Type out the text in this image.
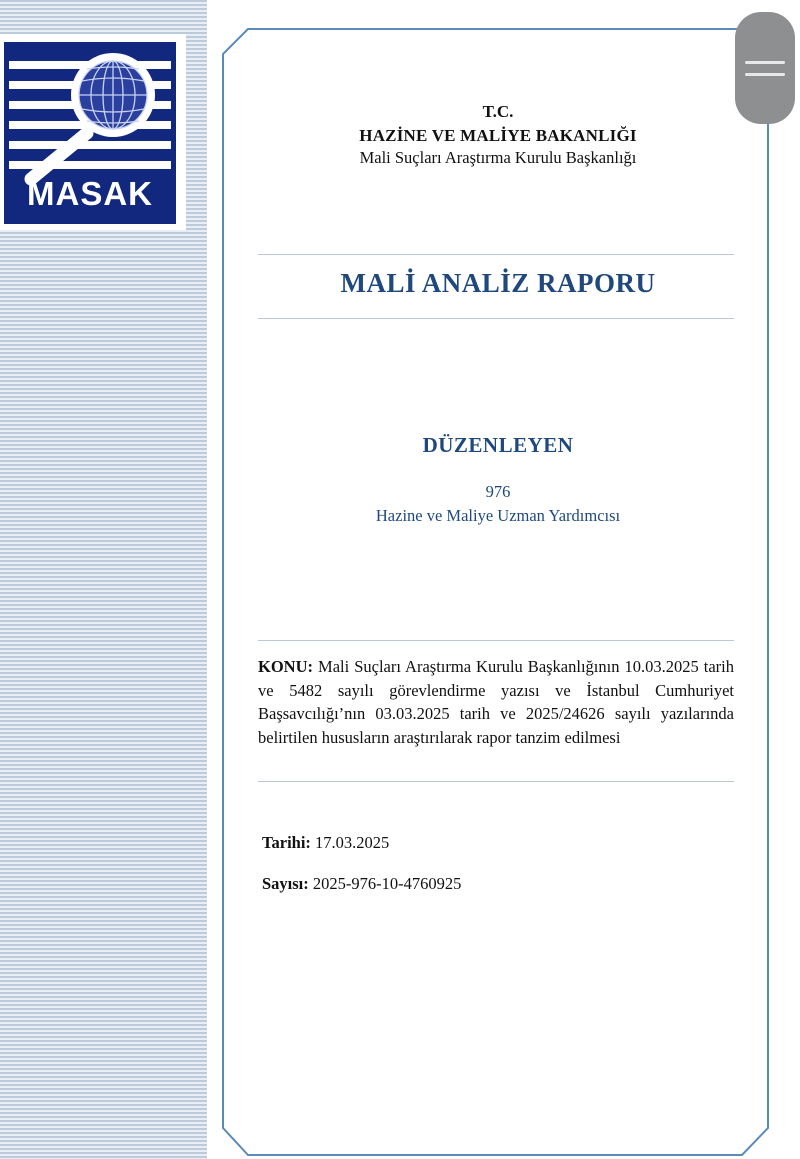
MASAK
T.C.
HAZİNE VE MALİYE BAKANLIĞI
Mali Suçları Araştırma Kurulu Başkanlığı
MALİ ANALİZ RAPORU
DÜZENLEYEN
976
Hazine ve Maliye Uzman Yardımcısı
KONU: Mali Suçları Araştırma Kurulu Başkanlığının 10.03.2025 tarih ve 5482 sayılı görevlendirme yazısı ve İstanbul Cumhuriyet Başsavcılığı’nın 03.03.2025 tarih ve 2025/24626 sayılı yazılarında belirtilen hususların araştırılarak rapor tanzim edilmesi
Tarihi: 17.03.2025
Sayısı: 2025-976-10-4760925
